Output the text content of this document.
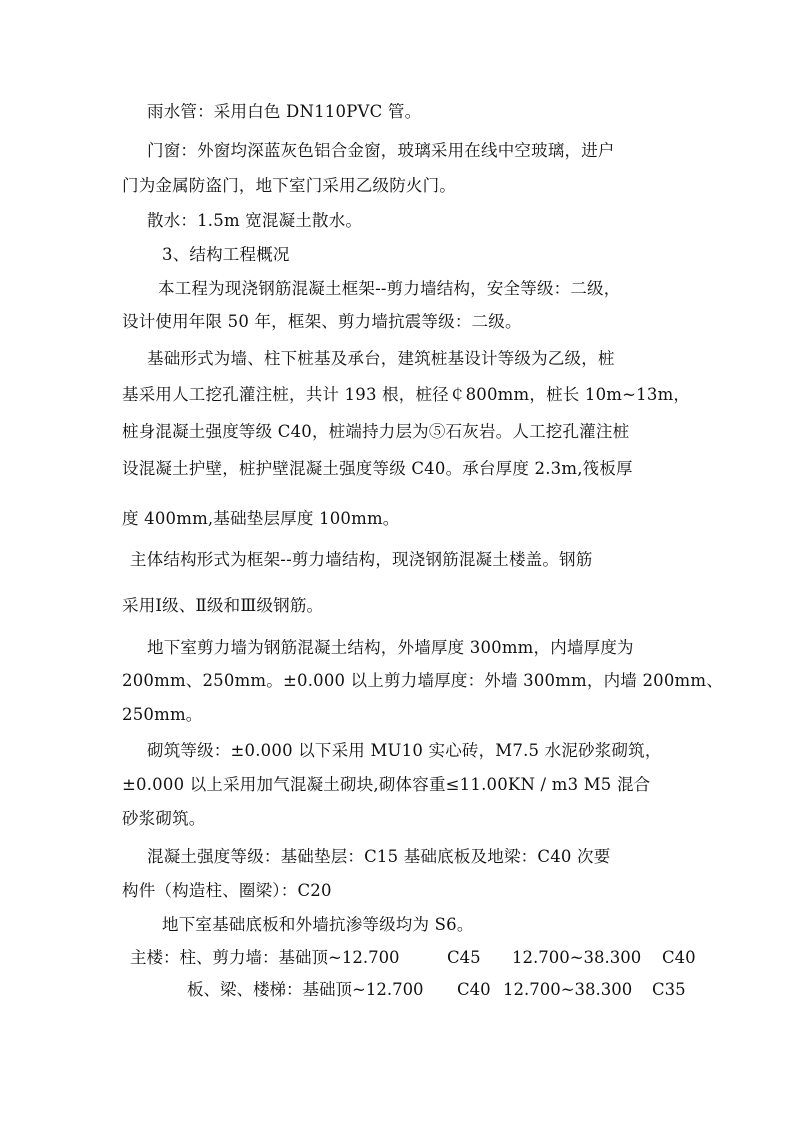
雨水管：采用白色 DN110PVC 管。
门窗：外窗均深蓝灰色铝合金窗，玻璃采用在线中空玻璃，进户
门为金属防盗门，地下室门采用乙级防火门。
散水：1.5m 宽混凝土散水。
3、结构工程概况
本工程为现浇钢筋混凝土框架--剪力墙结构，安全等级：二级，
设计使用年限 50 年，框架、剪力墙抗震等级：二级。
基础形式为墙、柱下桩基及承台，建筑桩基设计等级为乙级，桩
基采用人工挖孔灌注桩，共计 193 根，桩径￠800mm，桩长 10m~13m，
桩身混凝土强度等级 C40，桩端持力层为⑤石灰岩。人工挖孔灌注桩
设混凝土护壁，桩护壁混凝土强度等级 C40。承台厚度 2.3m,筏板厚
度 400mm,基础垫层厚度 100mm。
主体结构形式为框架--剪力墙结构，现浇钢筋混凝土楼盖。钢筋
采用Ⅰ级、Ⅱ级和Ⅲ级钢筋。
地下室剪力墙为钢筋混凝土结构，外墙厚度 300mm，内墙厚度为
200mm、250mm。±0.000 以上剪力墙厚度：外墙 300mm，内墙 200mm、
250mm。
砌筑等级：±0.000 以下采用 MU10 实心砖，M7.5 水泥砂浆砌筑，
±0.000 以上采用加气混凝土砌块,砌体容重≤11.00KN / m3 M5 混合
砂浆砌筑。
混凝土强度等级：基础垫层：C15 基础底板及地梁：C40 次要
构件（构造柱、圈梁）：C20
地下室基础底板和外墙抗渗等级均为 S6。
主楼：柱、剪力墙：基础顶~12.700	C45 12.700~38.300 C40
板、梁、楼梯：基础顶~12.700 C40 12.700~38.300 C35
